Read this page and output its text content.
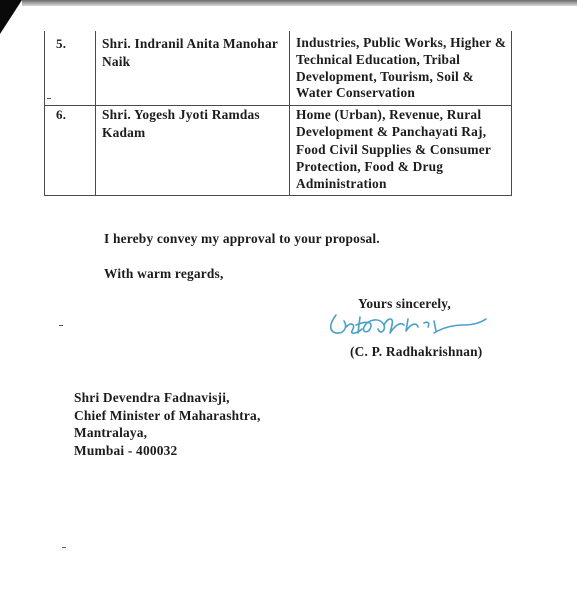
5.	Shri. Indranil Anita Manohar
Naik
Industries, Public Works, Higher &
Technical Education, Tribal
Development, Tourism, Soil &
Water Conservation
6.	Shri. Yogesh Jyoti Ramdas
Kadam
Home (Urban), Revenue, Rural
Development & Panchayati Raj,
Food Civil Supplies & Consumer
Protection, Food & Drug
Administration
I hereby convey my approval to your proposal.
With warm regards,
Yours sincerely,
(C. P. Radhakrishnan)
Shri Devendra Fadnavisji,
Chief Minister of Maharashtra,
Mantralaya,
Mumbai - 400032
